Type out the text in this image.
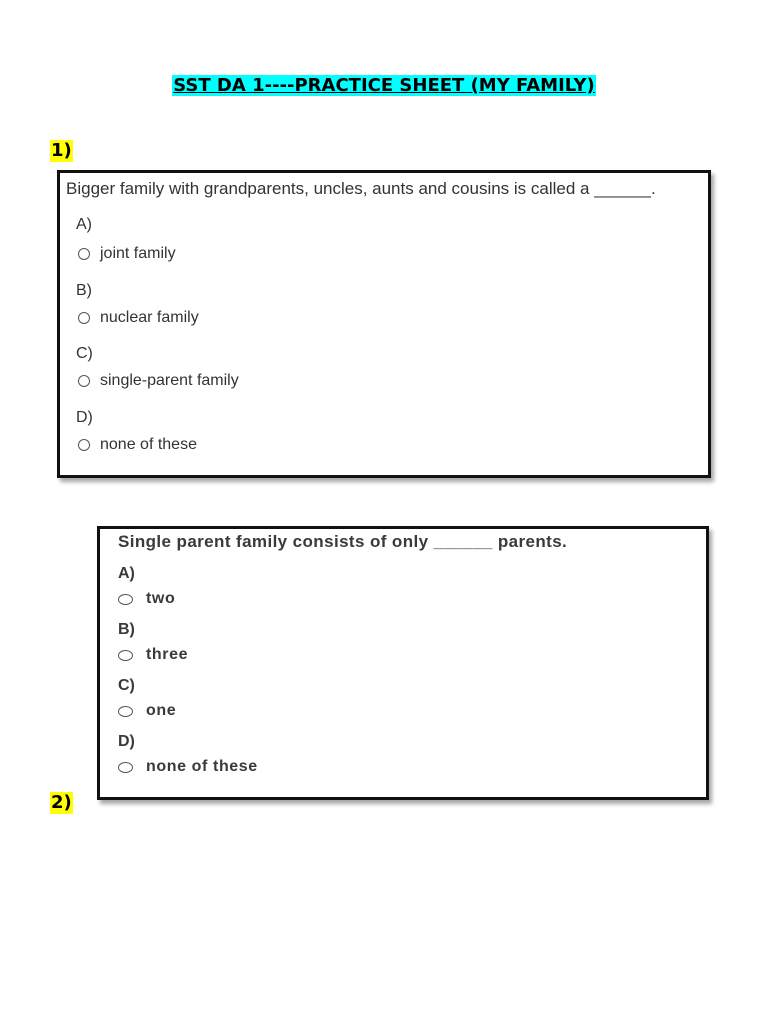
SST DA 1----PRACTICE SHEET (MY FAMILY)
1)
Bigger family with grandparents, uncles, aunts and cousins is called a ______.
A)
joint family
B)
nuclear family
C)
single-parent family
D)
none of these
2)
Single parent family consists of only ______ parents.
A)
two
B)
three
C)
one
D)
none of these
